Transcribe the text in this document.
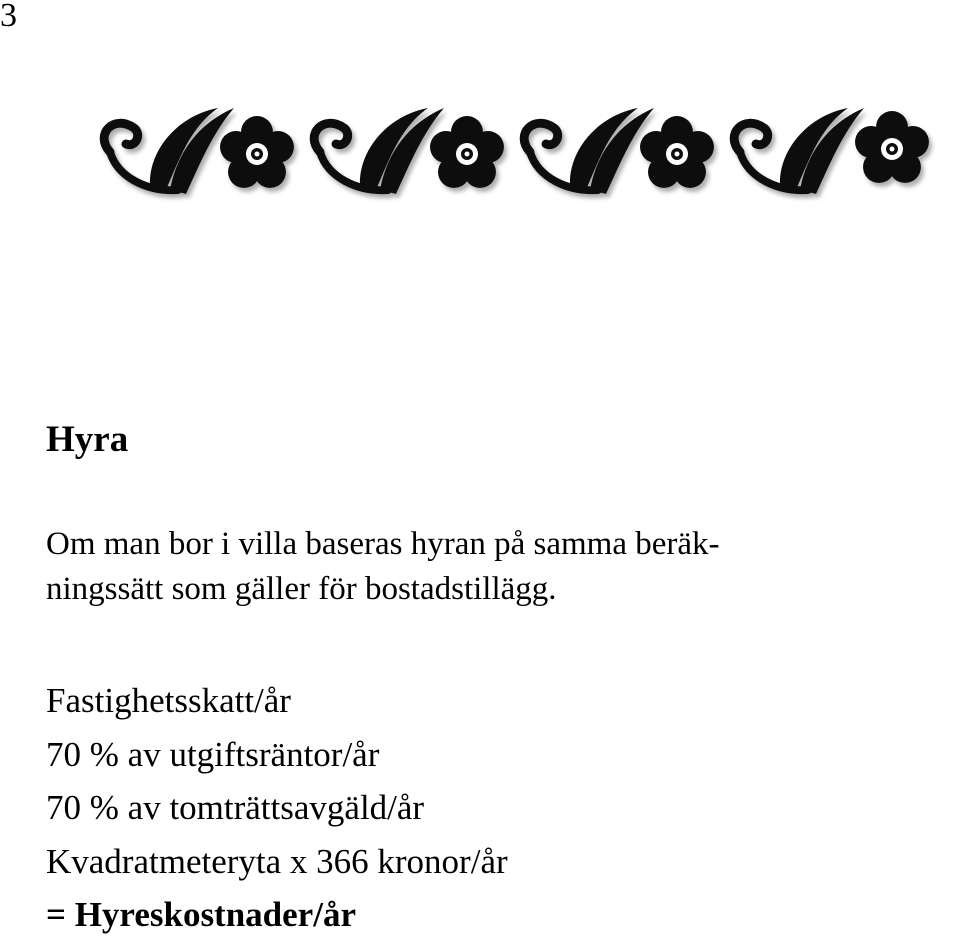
3
Hyra

Om man bor i villa baseras hyran på samma beräk-
ningssätt som gäller för bostadstillägg.

Fastighetsskatt/år
70 % av utgiftsräntor/år
70 % av tomträttsavgäld/år
Kvadratmeteryta x 366 kronor/år
= Hyreskostnader/år
